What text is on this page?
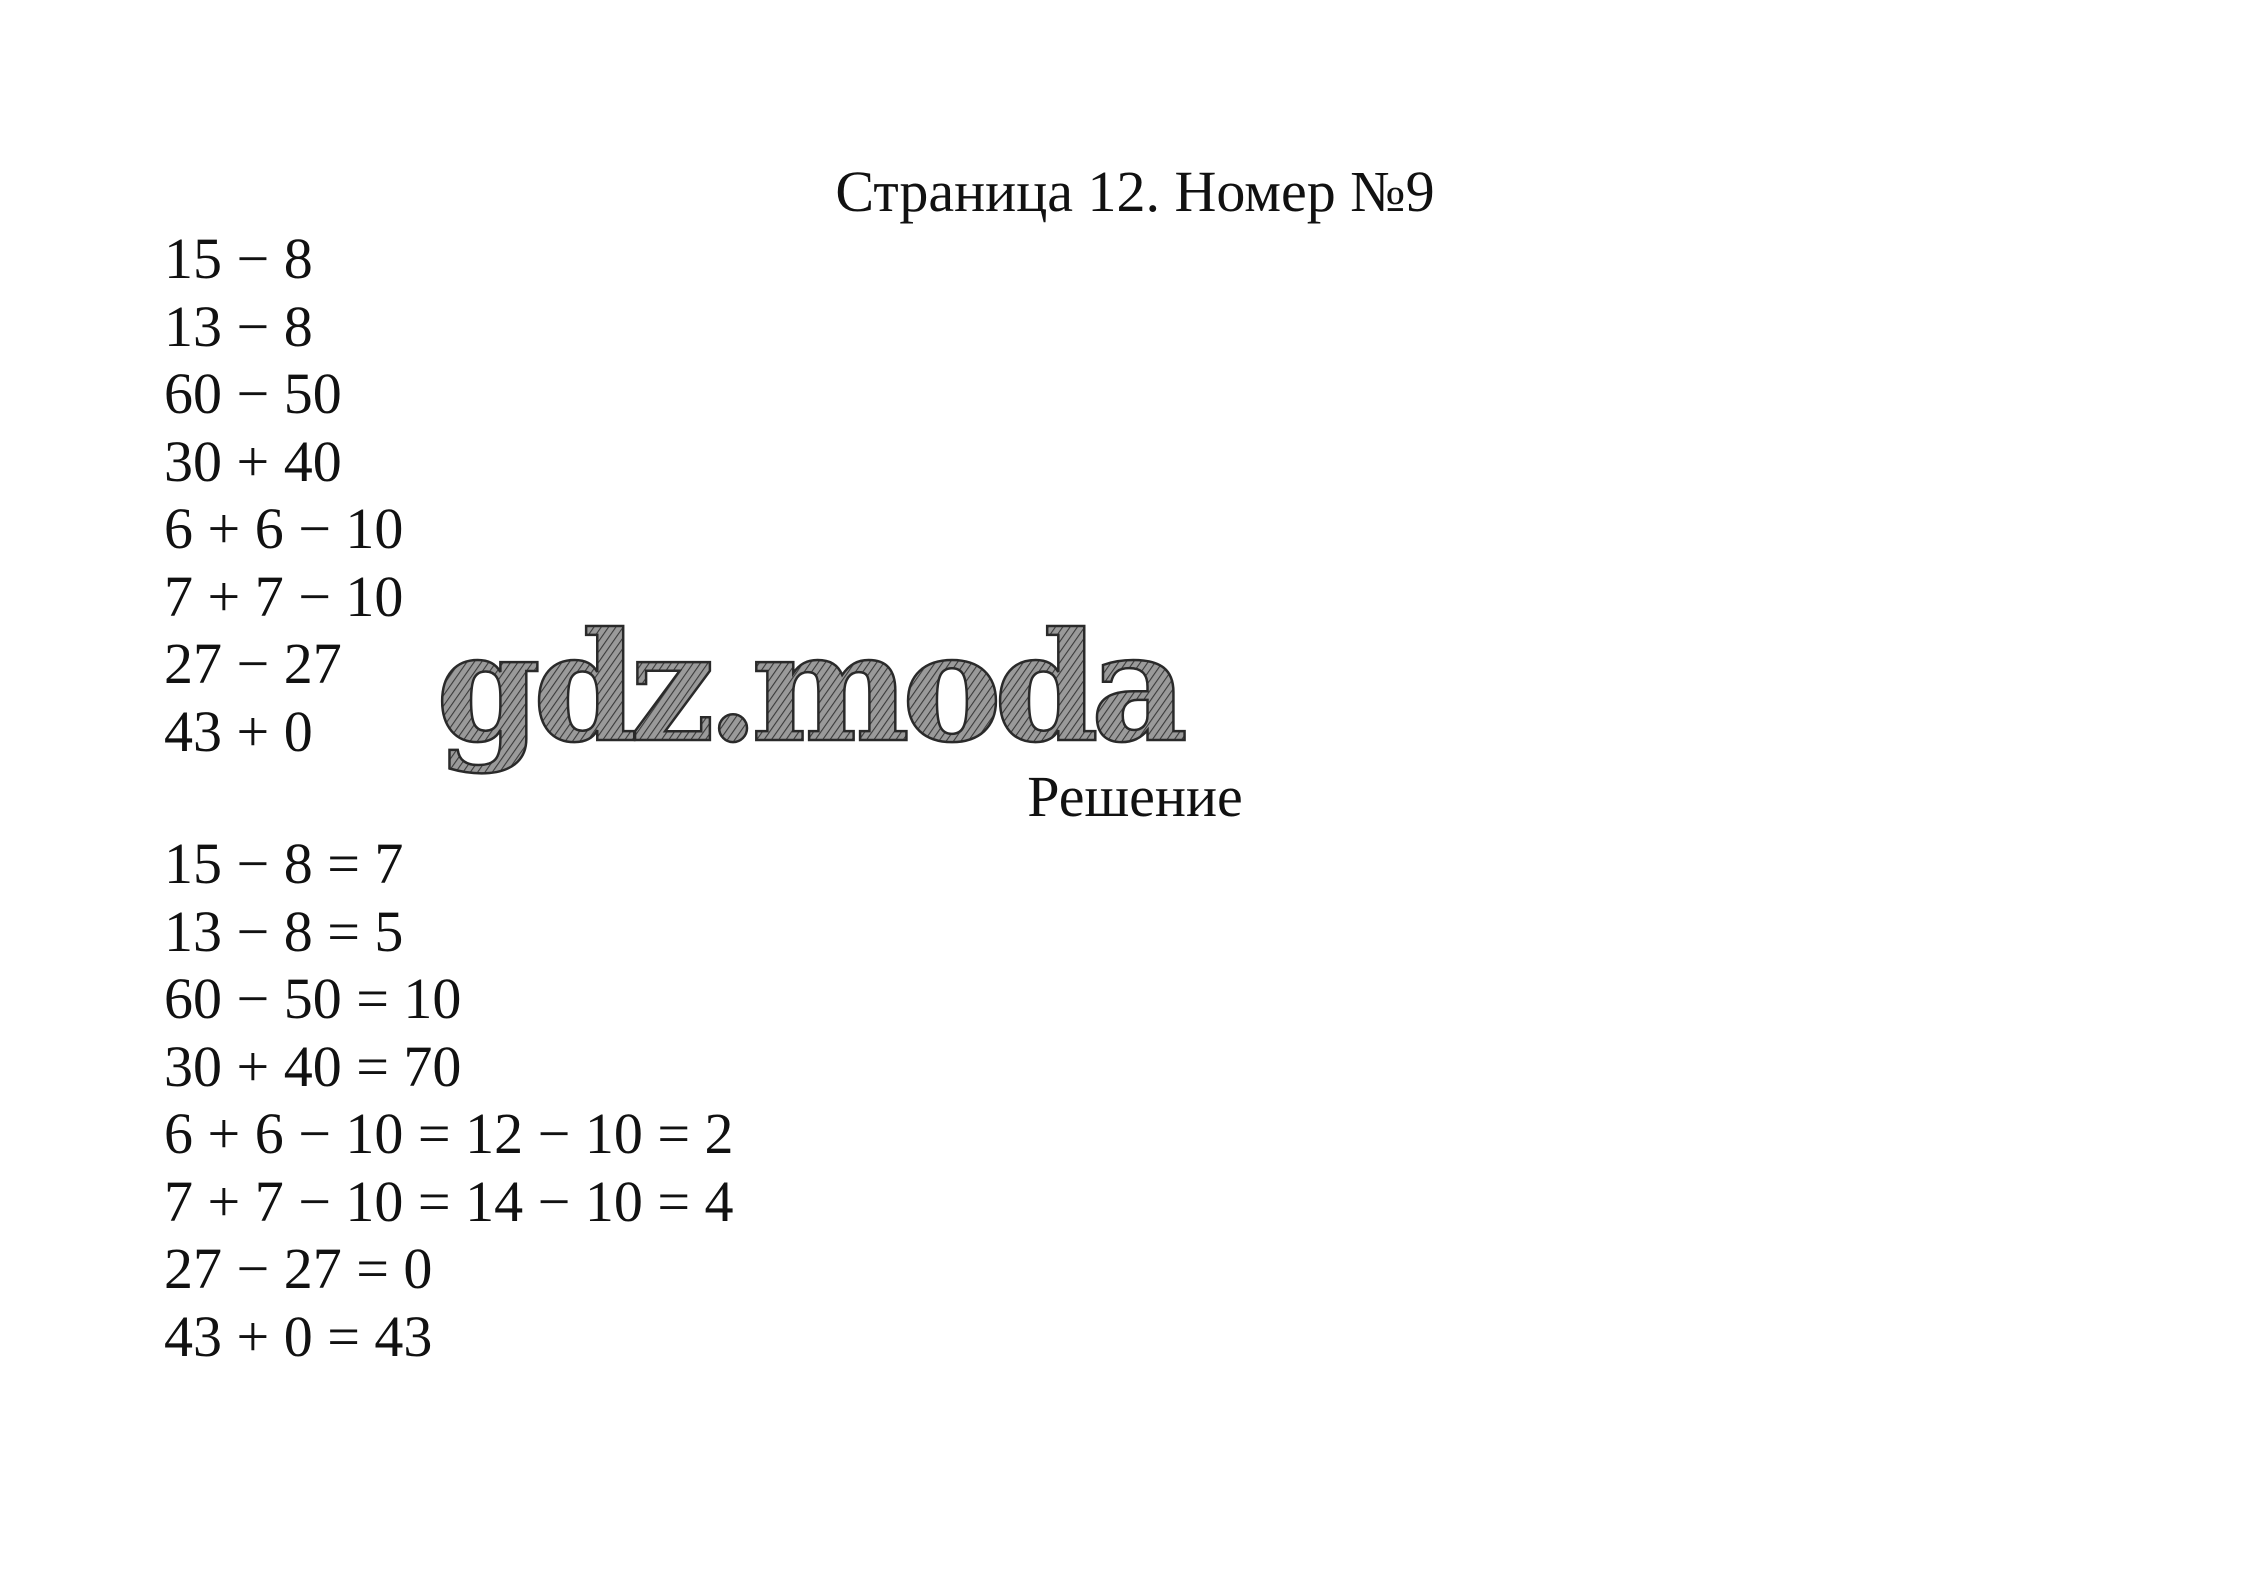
Страница 12. Номер №9
15 − 8
13 − 8
60 − 50
30 + 40
6 + 6 − 10
7 + 7 − 10
27 − 27
43 + 0 gdz.moda
Решение
15 − 8 = 7
13 − 8 = 5
60 − 50 = 10
30 + 40 = 70
6 + 6 − 10 = 12 − 10 = 2
7 + 7 − 10 = 14 − 10 = 4
27 − 27 = 0
43 + 0 = 43
